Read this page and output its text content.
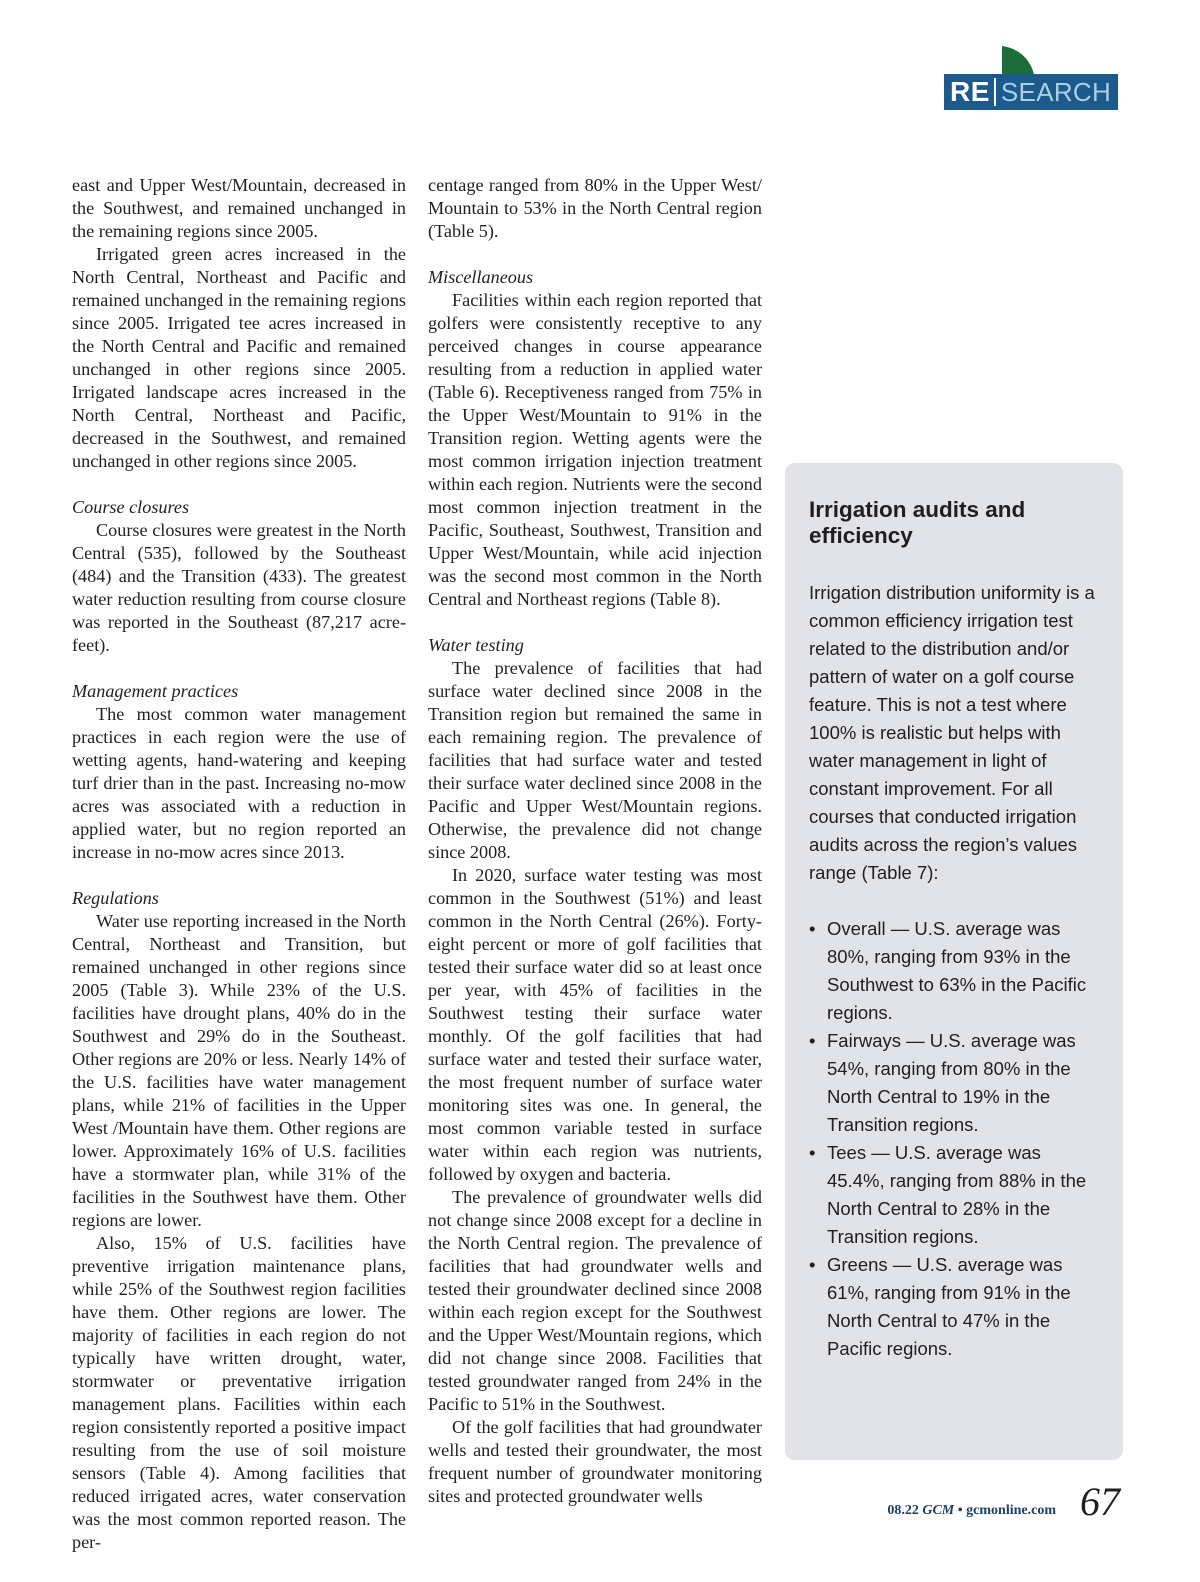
RE SEARCH

east and Upper West/Mountain, decreased in the Southwest, and remained unchanged in the remaining regions since 2005.

Irrigated green acres increased in the North Central, Northeast and Pacific and remained unchanged in the remaining regions since 2005. Irrigated tee acres increased in the North Central and Pacific and remained unchanged in other regions since 2005. Irrigated landscape acres increased in the North Central, Northeast and Pacific, decreased in the Southwest, and remained unchanged in other regions since 2005.

Course closures

Course closures were greatest in the North Central (535), followed by the Southeast (484) and the Transition (433). The greatest water reduction resulting from course closure was reported in the Southeast (87,217 acre-feet).

Management practices

The most common water management practices in each region were the use of wetting agents, hand-watering and keeping turf drier than in the past. Increasing no-mow acres was associated with a reduction in applied water, but no region reported an increase in no-mow acres since 2013.

Regulations

Water use reporting increased in the North Central, Northeast and Transition, but remained unchanged in other regions since 2005 (Table 3). While 23% of the U.S. facilities have drought plans, 40% do in the Southwest and 29% do in the Southeast. Other regions are 20% or less. Nearly 14% of the U.S. facilities have water management plans, while 21% of facilities in the Upper West /Mountain have them. Other regions are lower. Approximately 16% of U.S. facilities have a stormwater plan, while 31% of the facilities in the Southwest have them. Other regions are lower.

Also, 15% of U.S. facilities have preventive irrigation maintenance plans, while 25% of the Southwest region facilities have them. Other regions are lower. The majority of facilities in each region do not typically have written drought, water, stormwater or preventative irrigation management plans. Facilities within each region consistently reported a positive impact resulting from the use of soil moisture sensors (Table 4). Among facilities that reduced irrigated acres, water conservation was the most common reported reason. The per-

centage ranged from 80% in the Upper West/ Mountain to 53% in the North Central region (Table 5).

Miscellaneous

Facilities within each region reported that golfers were consistently receptive to any perceived changes in course appearance resulting from a reduction in applied water (Table 6). Receptiveness ranged from 75% in the Upper West/Mountain to 91% in the Transition region. Wetting agents were the most common irrigation injection treatment within each region. Nutrients were the second most common injection treatment in the Pacific, Southeast, Southwest, Transition and Upper West/Mountain, while acid injection was the second most common in the North Central and Northeast regions (Table 8).

Water testing

The prevalence of facilities that had surface water declined since 2008 in the Transition region but remained the same in each remaining region. The prevalence of facilities that had surface water and tested their surface water declined since 2008 in the Pacific and Upper West/Mountain regions. Otherwise, the prevalence did not change since 2008.

In 2020, surface water testing was most common in the Southwest (51%) and least common in the North Central (26%). Forty-eight percent or more of golf facilities that tested their surface water did so at least once per year, with 45% of facilities in the Southwest testing their surface water monthly. Of the golf facilities that had surface water and tested their surface water, the most frequent number of surface water monitoring sites was one. In general, the most common variable tested in surface water within each region was nutrients, followed by oxygen and bacteria.

The prevalence of groundwater wells did not change since 2008 except for a decline in the North Central region. The prevalence of facilities that had groundwater wells and tested their groundwater declined since 2008 within each region except for the Southwest and the Upper West/Mountain regions, which did not change since 2008. Facilities that tested groundwater ranged from 24% in the Pacific to 51% in the Southwest.

Of the golf facilities that had groundwater wells and tested their groundwater, the most frequent number of groundwater monitoring sites and protected groundwater wells

Irrigation audits and efficiency

Irrigation distribution uniformity is a common efficiency irrigation test related to the distribution and/or pattern of water on a golf course feature. This is not a test where 100% is realistic but helps with water management in light of constant improvement. For all courses that conducted irrigation audits across the region’s values range (Table 7):

• Overall — U.S. average was 80%, ranging from 93% in the Southwest to 63% in the Pacific regions.
• Fairways — U.S. average was 54%, ranging from 80% in the North Central to 19% in the Transition regions.
• Tees — U.S. average was 45.4%, ranging from 88% in the North Central to 28% in the Transition regions.
• Greens — U.S. average was 61%, ranging from 91% in the North Central to 47% in the Pacific regions.
08.22 GCM • gcmonline.com 67
